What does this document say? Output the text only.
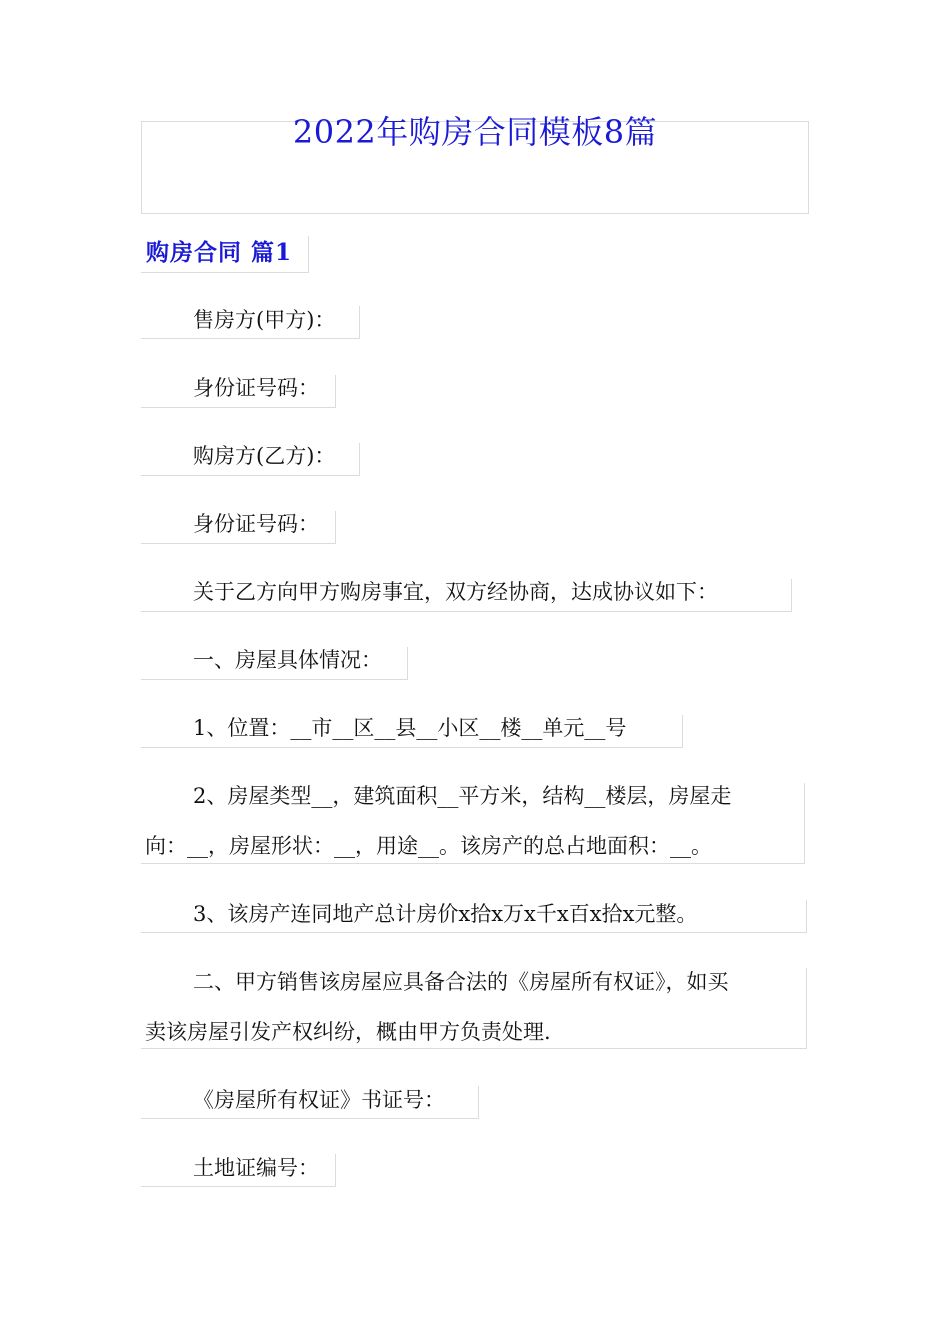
2022年购房合同模板8篇
购房合同 篇1
售房方(甲方)：
身份证号码：
购房方(乙方)：
身份证号码：
关于乙方向甲方购房事宜，双方经协商，达成协议如下：
一、房屋具体情况：
1、位置：__市__区__县__小区__楼__单元__号
2、房屋类型__，建筑面积__平方米，结构__楼层，房屋走
向：__，房屋形状：__，用途__。该房产的总占地面积：__。
3、该房产连同地产总计房价x拾x万x千x百x拾x元整。
二、甲方销售该房屋应具备合法的《房屋所有权证》，如买
卖该房屋引发产权纠纷，概由甲方负责处理.
《房屋所有权证》书证号：
土地证编号：
